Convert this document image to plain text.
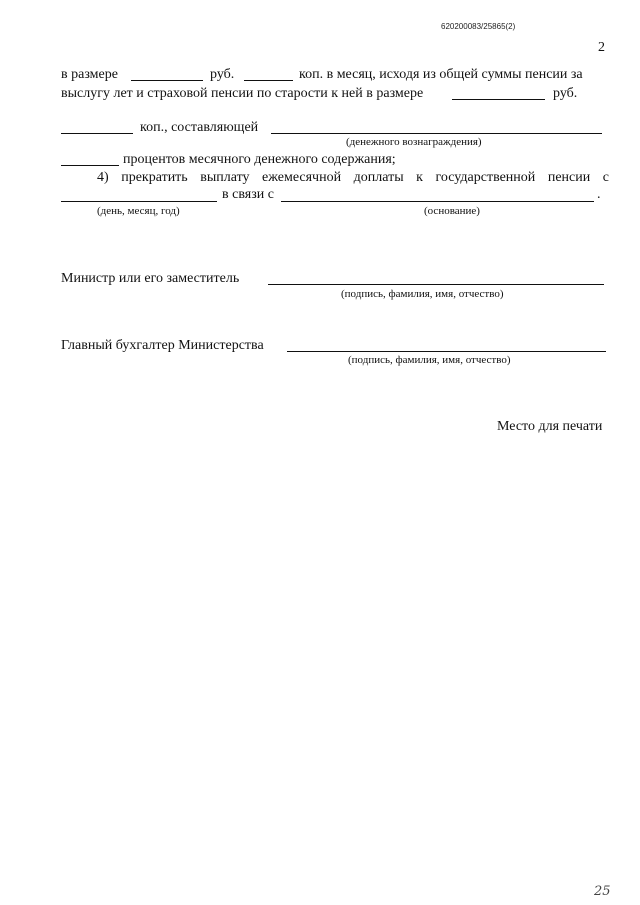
620200083/25865(2)
2
в размере	руб.	коп. в месяц, исходя из общей суммы пенсии за
выслугу лет и страховой пенсии по старости к ней в размере	руб.
коп., составляющей
(денежного вознаграждения)
процентов месячного денежного содержания;
4) прекратить выплату ежемесячной доплаты к государственной пенсии с
в связи с	.
(день, месяц, год)	(основание)
Министр или его заместитель
(подпись, фамилия, имя, отчество)
Главный бухгалтер Министерства
(подпись, фамилия, имя, отчество)
Место для печати
25
